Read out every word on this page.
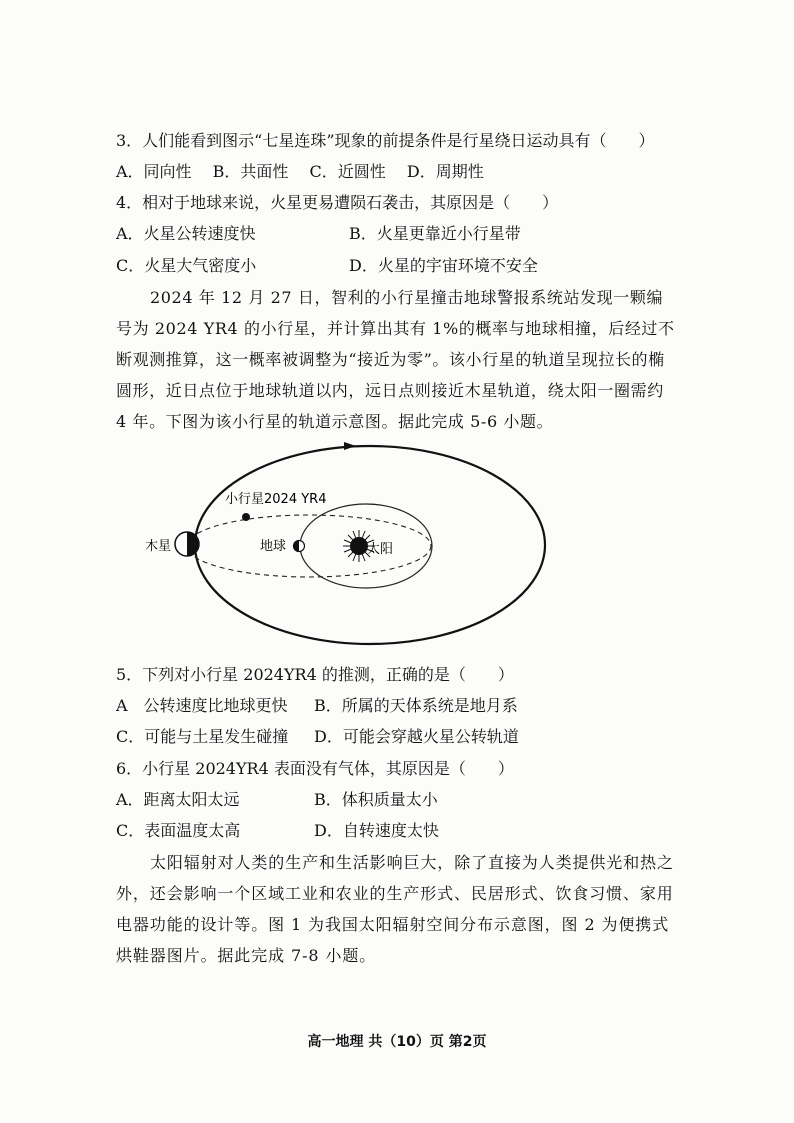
3．人们能看到图示“七星连珠”现象的前提条件是行星绕日运动具有（　　）
A．同向性 B．共面性 C．近圆性 D．周期性
4．相对于地球来说，火星更易遭陨石袭击，其原因是（　　）
A．火星公转速度快	B．火星更靠近小行星带
C．火星大气密度小	D．火星的宇宙环境不安全
2024 年 12 月 27 日，智利的小行星撞击地球警报系统站发现一颗编号为 2024 YR4 的小行星，并计算出其有 1%的概率与地球相撞，后经过不断观测推算，这一概率被调整为“接近为零”。该小行星的轨道呈现拉长的椭圆形，近日点位于地球轨道以内，远日点则接近木星轨道，绕太阳一圈需约 4 年。下图为该小行星的轨道示意图。据此完成 5-6 小题。
小行星2024 YR4
木星	地球	太阳
5．下列对小行星 2024YR4 的推测，正确的是（　　）
A　公转速度比地球更快 B．所属的天体系统是地月系
C．可能与土星发生碰撞 D．可能会穿越火星公转轨道
6．小行星 2024YR4 表面没有气体，其原因是（　　）
A．距离太阳太远	B．体积质量太小
C．表面温度太高	D．自转速度太快
太阳辐射对人类的生产和生活影响巨大，除了直接为人类提供光和热之外，还会影响一个区域工业和农业的生产形式、民居形式、饮食习惯、家用电器功能的设计等。图 1 为我国太阳辐射空间分布示意图，图 2 为便携式烘鞋器图片。据此完成 7-8 小题。
高一地理 共（10）页 第2页
